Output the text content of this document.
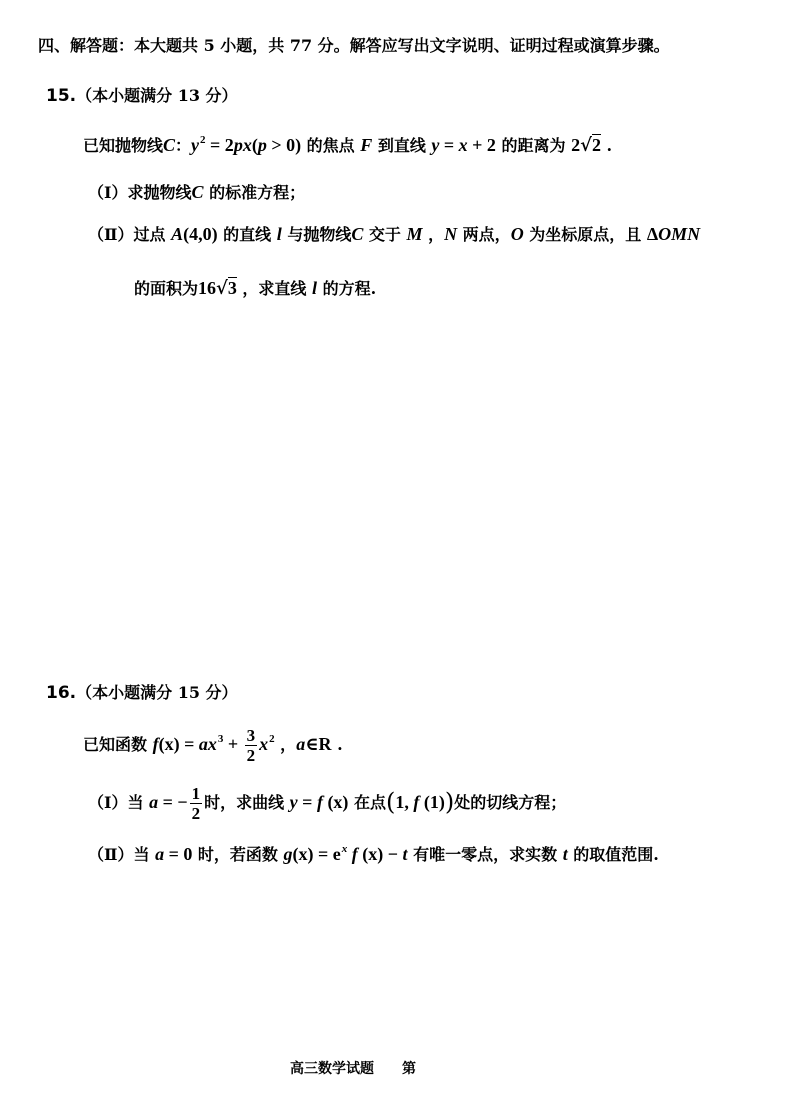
四、解答题：本大题共 5 小题，共 77 分。解答应写出文字说明、证明过程或演算步骤。
15.（本小题满分 13 分）
已知抛物线C：$y^2 = 2px(p > 0)$ 的焦点 F 到直线 y = x + 2 的距离为 2√2 .
（Ⅰ）求抛物线C 的标准方程；
（Ⅱ）过点 A(4,0) 的直线 l 与抛物线C 交于 M ，N 两点，O 为坐标原点，且 ΔOMN
的面积为16√3 ，求直线 l 的方程.
16.（本小题满分 15 分）
已知函数 $f(x) = ax^3 + \frac{3}{2} x^2$ ，a∈R .
（Ⅰ）当 a = − $\frac{1}{2}$ 时，求曲线 y = f (x) 在点(1, f (1))处的切线方程；
（Ⅱ）当 a = 0 时，若函数 $g(x) = e^x$ f (x) − t 有唯一零点，求实数 t 的取值范围.
高三数学试题 第
